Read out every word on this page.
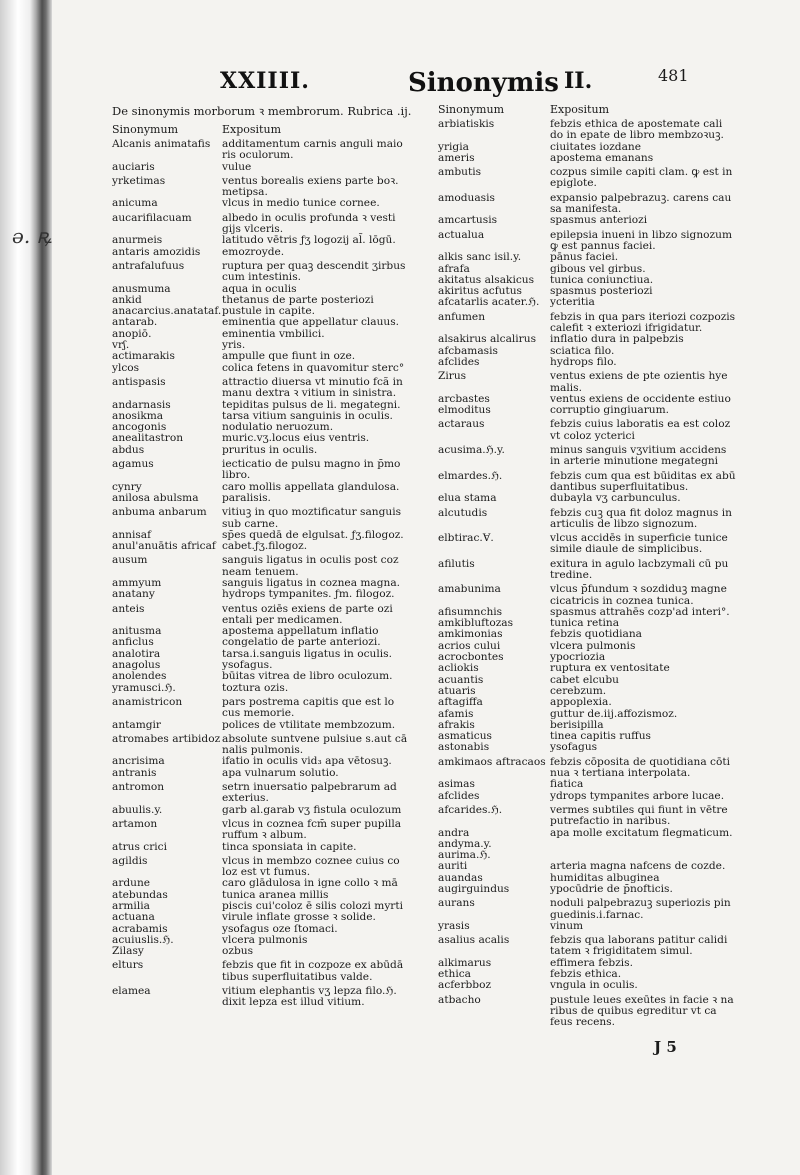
ǝ. ꝶ
XXIIII.	Sinonymis II.	481
De sinonymis morborum ꝛ membrorum. Rubrica .ij.
Sinonymum	Expositum
Alcanis animatafis	additamentum carnis anguli maio
ris oculorum.
auciaris	vulue
yrketimas	ventus borealis exiens parte boꝛ.
metipsa.
anicuma	vlcus in medio tunice cornee.
aucarifilacuam	albedo in oculis profunda ꝛ vesti
gijs vlceris.
anurmeis	latitudo vētris ƒʒ logozij al̃. lōgū.
antaris amozidis	emozroyde.
antrafalufuus	ruptura per quaꝫ descendit ʒirbus
cum intestinis.
anusmuma	aqua in oculis
ankid	thetanus de parte posteriozi
anacarcius.anatataf. pustule in capite.
antarab.	eminentia que appellatur clauus.
anopiō.	eminentia vmbilici.
vrʃ.	yris.
actimarakis	ampulle que fiunt in oze.
ylcos	colica fetens in quavomitur sterc°
antispasis	attractio diuersa vt minutio fcã in
manu dextra ꝛ vitium in sinistra.
andarnasis	tepiditas pulsus de li. megategni.
anosikma	tarsa vitium sanguinis in oculis.
ancogonis	nodulatio neruozum.
anealitastron	muric.vʒ.locus eius ventris.
abdus	pruritus in oculis.
agamus	iecticatio de pulsu magno in p̄mo
libro.
cynry	caro mollis appellata glandulosa.
anilosa abulsma	paralisis.
anbuma anbarum	vitiuꝫ in quo moztificatur sanguis
sub carne.
annisaf	sp̄es quedā de elgulsat. ƒʒ.filogoz.
anul'anuātis africaf cabet.ƒʒ.filogoz.
ausum	sanguis ligatus in oculis post coz
neam tenuem.
ammyum	sanguis ligatus in coznea magna.
anatany	hydrops tympanites. ƒm. filogoz.
anteis	ventus oziēs exiens de parte ozi
entali per medicamen.
anitusma	apostema appellatum inflatio
anficlus	congelatio de parte anteriozi.
analotira	tarsa.i.sanguis ligatus in oculis.
anagolus	ysofagus.
anolendes	būitas vitrea de libro oculozum.
yramusci.ℌ.	toztura ozis.
anamistricon	pars postrema capitis que est lo
cus memorie.
antamgir	polices de vtilitate membzozum.
atromabes artibidoz absolute suntvene pulsiue s.aut cā
nalis pulmonis.
ancrisima	ifatio in oculis vid₃ apa vētosuꝫ.
antranis	apa vulnarum solutio.
antromon	setrn inuersatio palpebrarum ad
exterius.
abuulis.y.	garb al.garab vʒ fistula oculozum
artamon	vlcus in coznea fcm̄ super pupilla
ruffum ꝛ album.
atrus crici	tinca sponsiata in capite.
agildis	vlcus in membzo coznee cuius co
loz est vt fumus.
ardune	caro glādulosa in igne collo ꝛ mā
atebundas	tunica aranea millis
armilia	piscis cui'coloz ē silis colozi myrti
actuana	virule inflate grosse ꝛ solide.
acrabamis	ysofagus oze ſtomaci.
acuiuslis.ℌ.	vlcera pulmonis
Zilasy	ozbus
elturs	febzis que fit in cozpoze ex abūdā
tibus superfluitatibus valde.
elamea	vitium elephantis vʒ lepza filo.ℌ.
dixit lepza est illud vitium.
Sinonymum	Expositum
arbiatiskis	febzis ethica de apostemate cali
do in epate de libro membzoꝛuꝫ.
yrigia	ciuitates iozdane
ameris	apostema emanans
ambutis	cozpus simile capiti clam. ꝙ est in
epiglote.
amoduasis	expansio palpebrazuꝫ. carens cau
sa manifesta.
amcartusis	spasmus anteriozi
actualua	epilepsia inueni in libzo signozum
ꝙ est pannus faciei.
alkis sanc isil.y.	pānus faciei.
afrafa	gibous vel girbus.
akitatus alsakicus	tunica coniunctiua.
akiritus acfutus	spasmus posteriozi
afcatarlis acater.ℌ. ycteritia
anfumen	febzis in qua pars iteriozi cozpozis
calefit ꝛ exteriozi ifrigidatur.
alsakirus alcalirus	inflatio dura in palpebzis
afcbamasis	sciatica filo.
afclides	hydrops filo.
Zirus	ventus exiens de pte ozientis hye
malis.
arcbastes	ventus exiens de occidente estiuo
elmoditus	corruptio gingiuarum.
actaraus	febzis cuius laboratis ea est coloz
vt coloz ycterici
acusima.ℌ.y.	minus sanguis vʒvitium accidens
in arterie minutione megategni
elmardes.ℌ.	febzis cum qua est būiditas ex abū
dantibus superfluitatibus.
elua stama	dubayla vʒ carbunculus.
alcutudis	febzis cuꝫ qua fit doloz magnus in
articulis de libzo signozum.
elbtirac.Ɐ.	vlcus accidēs in superficie tunice
simile diaule de simplicibus.
afilutis	exitura in agulo lacbzymali cū pu
tredine.
amabunima	vlcus p̄fundum ꝛ sozdiduꝫ magne
cicatricis in coznea tunica.
afisumnchis	spasmus attrahēs cozp'ad interi°.
amkibluftozas	tunica retina
amkimonias	febzis quotidiana
acrios cului	vlcera pulmonis
acrocbontes	ypocriozia
acliokis	ruptura ex ventositate
acuantis	cabet elcubu
atuaris	cerebzum.
aftagiffa	appoplexia.
afamis	guttur de.iij.affozismoz.
afrakis	berisipilla
asmaticus	tinea capitis ruffus
astonabis	ysofagus
amkimaos aftracaos febzis cōposita de quotidiana cōti
nua ꝛ tertiana interpolata.
asimas	fiatica
afclides	ydrops tympanites arbore lucae.
afcarides.ℌ.	vermes subtiles qui fiunt in vētre
putrefactio in naribus.
andra	apa molle excitatum flegmaticum.
andyma.y.

aurima.ℌ.

auriti	arteria magna nafcens de cozde.
auandas	humiditas albuginea
augirguindus	ypocūdrie de p̄nofticis.
aurans	noduli palpebrazuꝫ superiozis pin
guedinis.i.farnac.
yrasis	vinum
asalius acalis	febzis qua laborans patitur calidi
tatem ꝛ frigiditatem simul.
alkimarus	effimera febzis.
ethica	febzis ethica.
acferbboz	vngula in oculis.
atbacho	pustule leues exeūtes in facie ꝛ na
ribus de quibus egreditur vt ca
feus recens.
J 5
